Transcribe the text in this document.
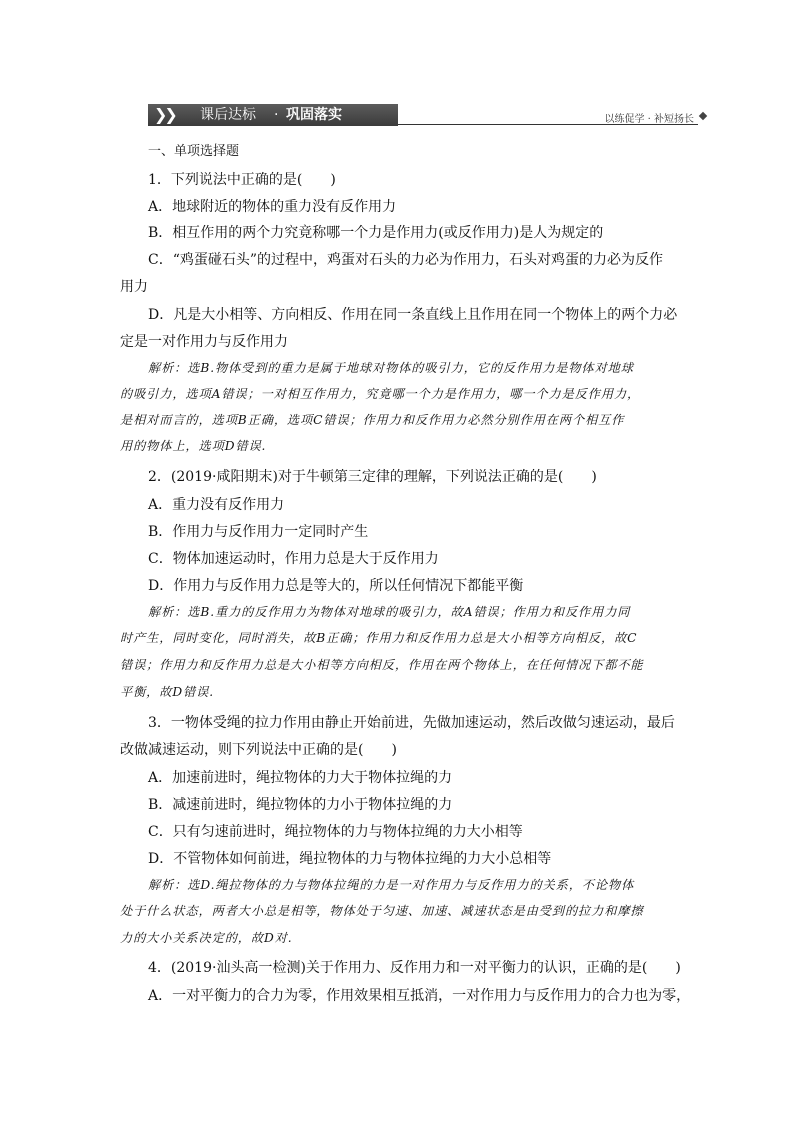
❯❯ 课后达标 · 巩固落实	以练促学 · 补短扬长
一、单项选择题
1．下列说法中正确的是(　　)
A．地球附近的物体的重力没有反作用力
B．相互作用的两个力究竟称哪一个力是作用力(或反作用力)是人为规定的
C．“鸡蛋碰石头”的过程中，鸡蛋对石头的力必为作用力，石头对鸡蛋的力必为反作
用力
D．凡是大小相等、方向相反、作用在同一条直线上且作用在同一个物体上的两个力必
定是一对作用力与反作用力
解析：选B.物体受到的重力是属于地球对物体的吸引力，它的反作用力是物体对地球
的吸引力，选项A错误；一对相互作用力，究竟哪一个力是作用力，哪一个力是反作用力，
是相对而言的，选项B正确，选项C错误；作用力和反作用力必然分别作用在两个相互作
用的物体上，选项D错误.
2．(2019·咸阳期末)对于牛顿第三定律的理解，下列说法正确的是(　　)
A．重力没有反作用力
B．作用力与反作用力一定同时产生
C．物体加速运动时，作用力总是大于反作用力
D．作用力与反作用力总是等大的，所以任何情况下都能平衡
解析：选B.重力的反作用力为物体对地球的吸引力，故A错误；作用力和反作用力同
时产生，同时变化，同时消失，故B正确；作用力和反作用力总是大小相等方向相反，故C
错误；作用力和反作用力总是大小相等方向相反，作用在两个物体上，在任何情况下都不能
平衡，故D错误.
3．一物体受绳的拉力作用由静止开始前进，先做加速运动，然后改做匀速运动，最后
改做减速运动，则下列说法中正确的是(　　)
A．加速前进时，绳拉物体的力大于物体拉绳的力
B．减速前进时，绳拉物体的力小于物体拉绳的力
C．只有匀速前进时，绳拉物体的力与物体拉绳的力大小相等
D．不管物体如何前进，绳拉物体的力与物体拉绳的力大小总相等
解析：选D.绳拉物体的力与物体拉绳的力是一对作用力与反作用力的关系，不论物体
处于什么状态，两者大小总是相等，物体处于匀速、加速、减速状态是由受到的拉力和摩擦
力的大小关系决定的，故D对.
4．(2019·汕头高一检测)关于作用力、反作用力和一对平衡力的认识，正确的是(　　)
A．一对平衡力的合力为零，作用效果相互抵消，一对作用力与反作用力的合力也为零，
